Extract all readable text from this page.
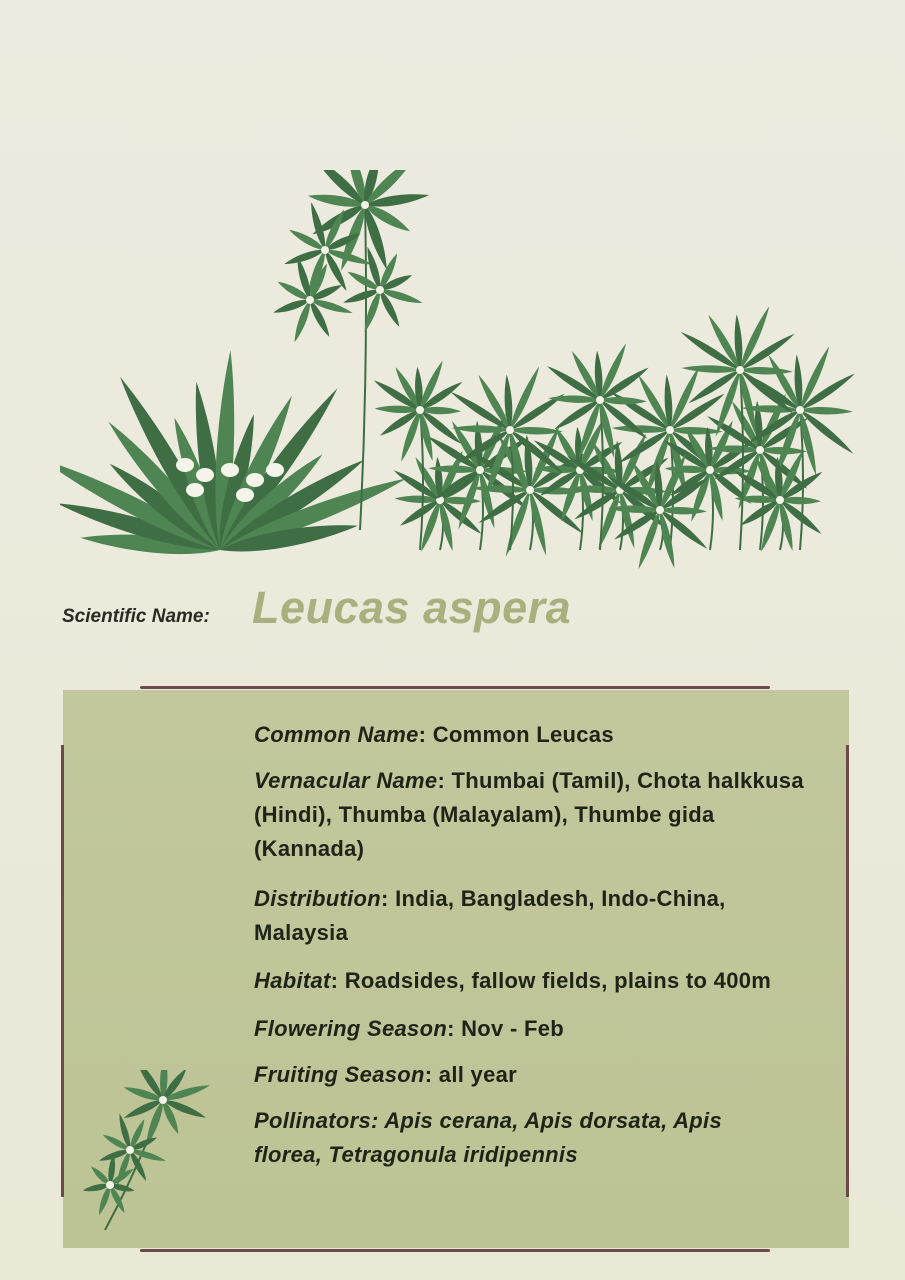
Scientific Name: Leucas aspera
Common Name: Common Leucas
Vernacular Name: Thumbai (Tamil), Chota halkkusa (Hindi), Thumba (Malayalam), Thumbe gida (Kannada)
Distribution: India, Bangladesh, Indo-China, Malaysia
Habitat: Roadsides, fallow fields, plains to 400m
Flowering Season: Nov - Feb
Fruiting Season: all year
Pollinators: Apis cerana, Apis dorsata, Apis florea, Tetragonula iridipennis
